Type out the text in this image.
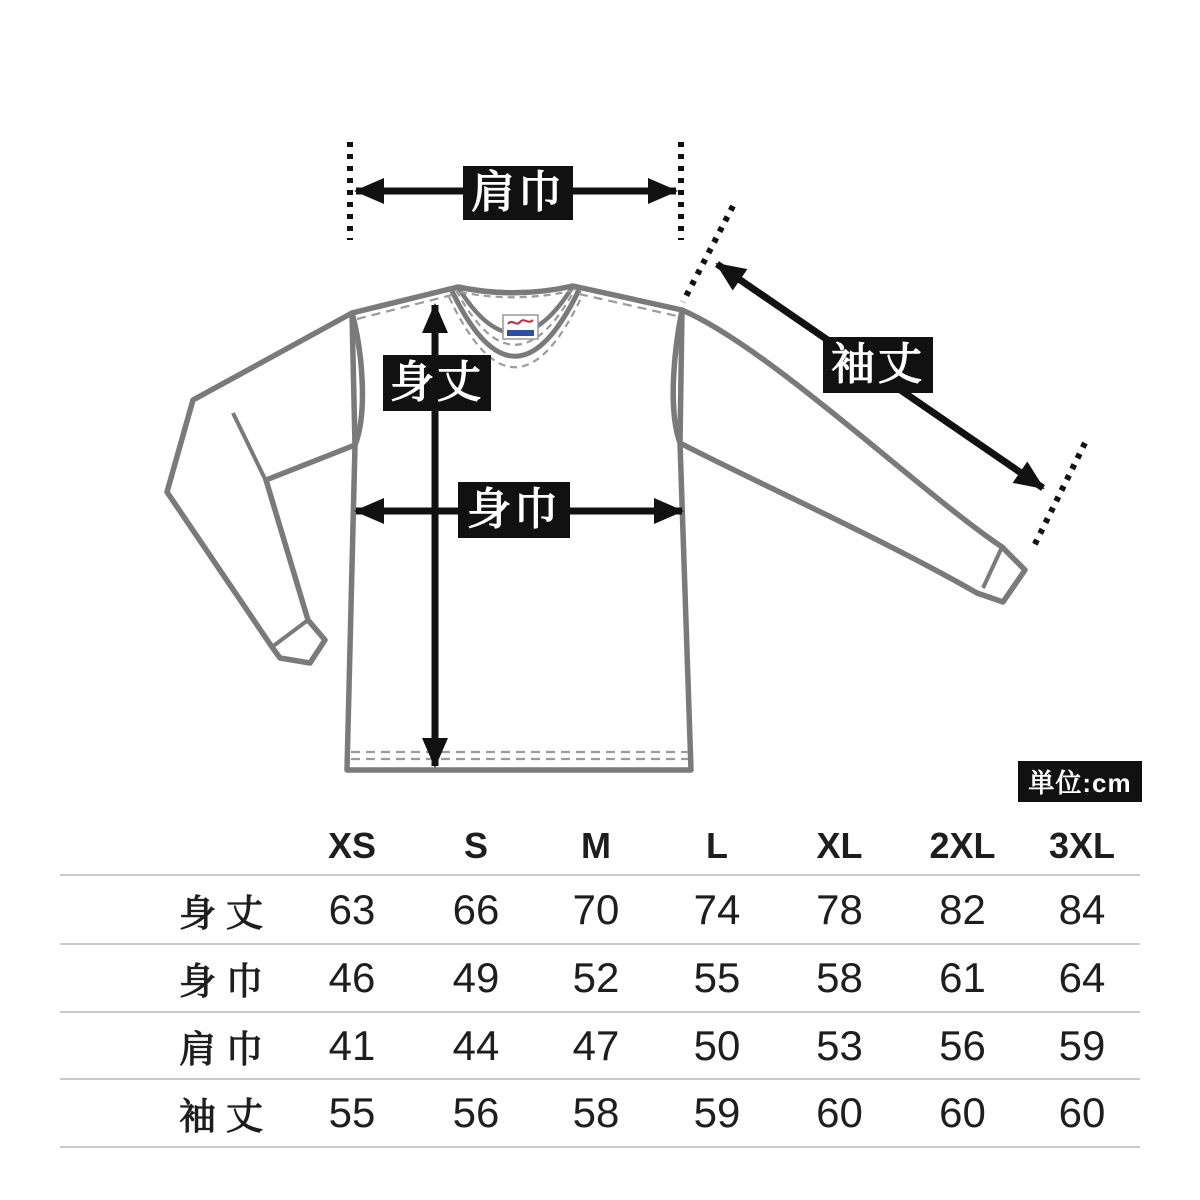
肩巾
身丈
身巾
袖丈
単位:cm
XS	S	M	L	XL	2XL	3XL
身丈	63	66	70	74	78	82	84
身巾	46	49	52	55	58	61	64
肩巾	41	44	47	50	53	56	59
袖丈	55	56	58	59	60	60	60
